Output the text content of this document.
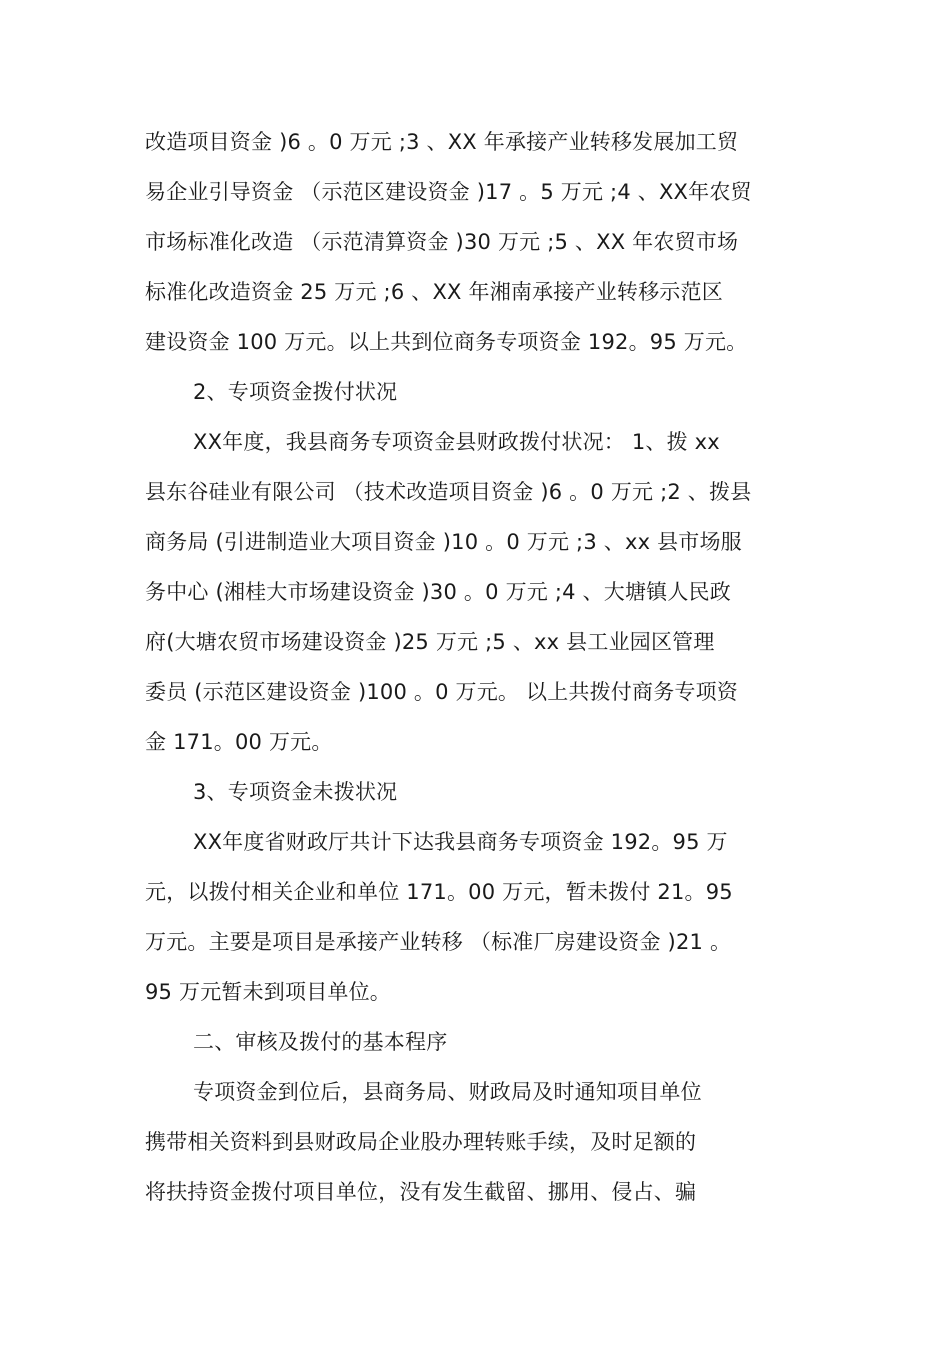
改造项目资金 )6 。0 万元 ;3 、XX 年承接产业转移发展加工贸
易企业引导资金 （示范区建设资金 )17 。5 万元 ;4 、XX年农贸
市场标准化改造 （示范清算资金 )30 万元 ;5 、XX 年农贸市场
标准化改造资金 25 万元 ;6 、XX 年湘南承接产业转移示范区
建设资金 100 万元。以上共到位商务专项资金 192。95 万元。
2、专项资金拨付状况
XX年度，我县商务专项资金县财政拨付状况： 1、拨 xx
县东谷硅业有限公司 （技术改造项目资金 )6 。0 万元 ;2 、拨县
商务局 (引进制造业大项目资金 )10 。0 万元 ;3 、xx 县市场服
务中心 (湘桂大市场建设资金 )30 。0 万元 ;4 、大塘镇人民政
府(大塘农贸市场建设资金 )25 万元 ;5 、xx 县工业园区管理
委员 (示范区建设资金 )100 。0 万元。 以上共拨付商务专项资
金 171。00 万元。
3、专项资金未拨状况
XX年度省财政厅共计下达我县商务专项资金 192。95 万
元，以拨付相关企业和单位 171。00 万元，暂未拨付 21。95
万元。主要是项目是承接产业转移 （标准厂房建设资金 )21 。
95 万元暂未到项目单位。
二、审核及拨付的基本程序
专项资金到位后，县商务局、财政局及时通知项目单位
携带相关资料到县财政局企业股办理转账手续，及时足额的
将扶持资金拨付项目单位，没有发生截留、挪用、侵占、骗
